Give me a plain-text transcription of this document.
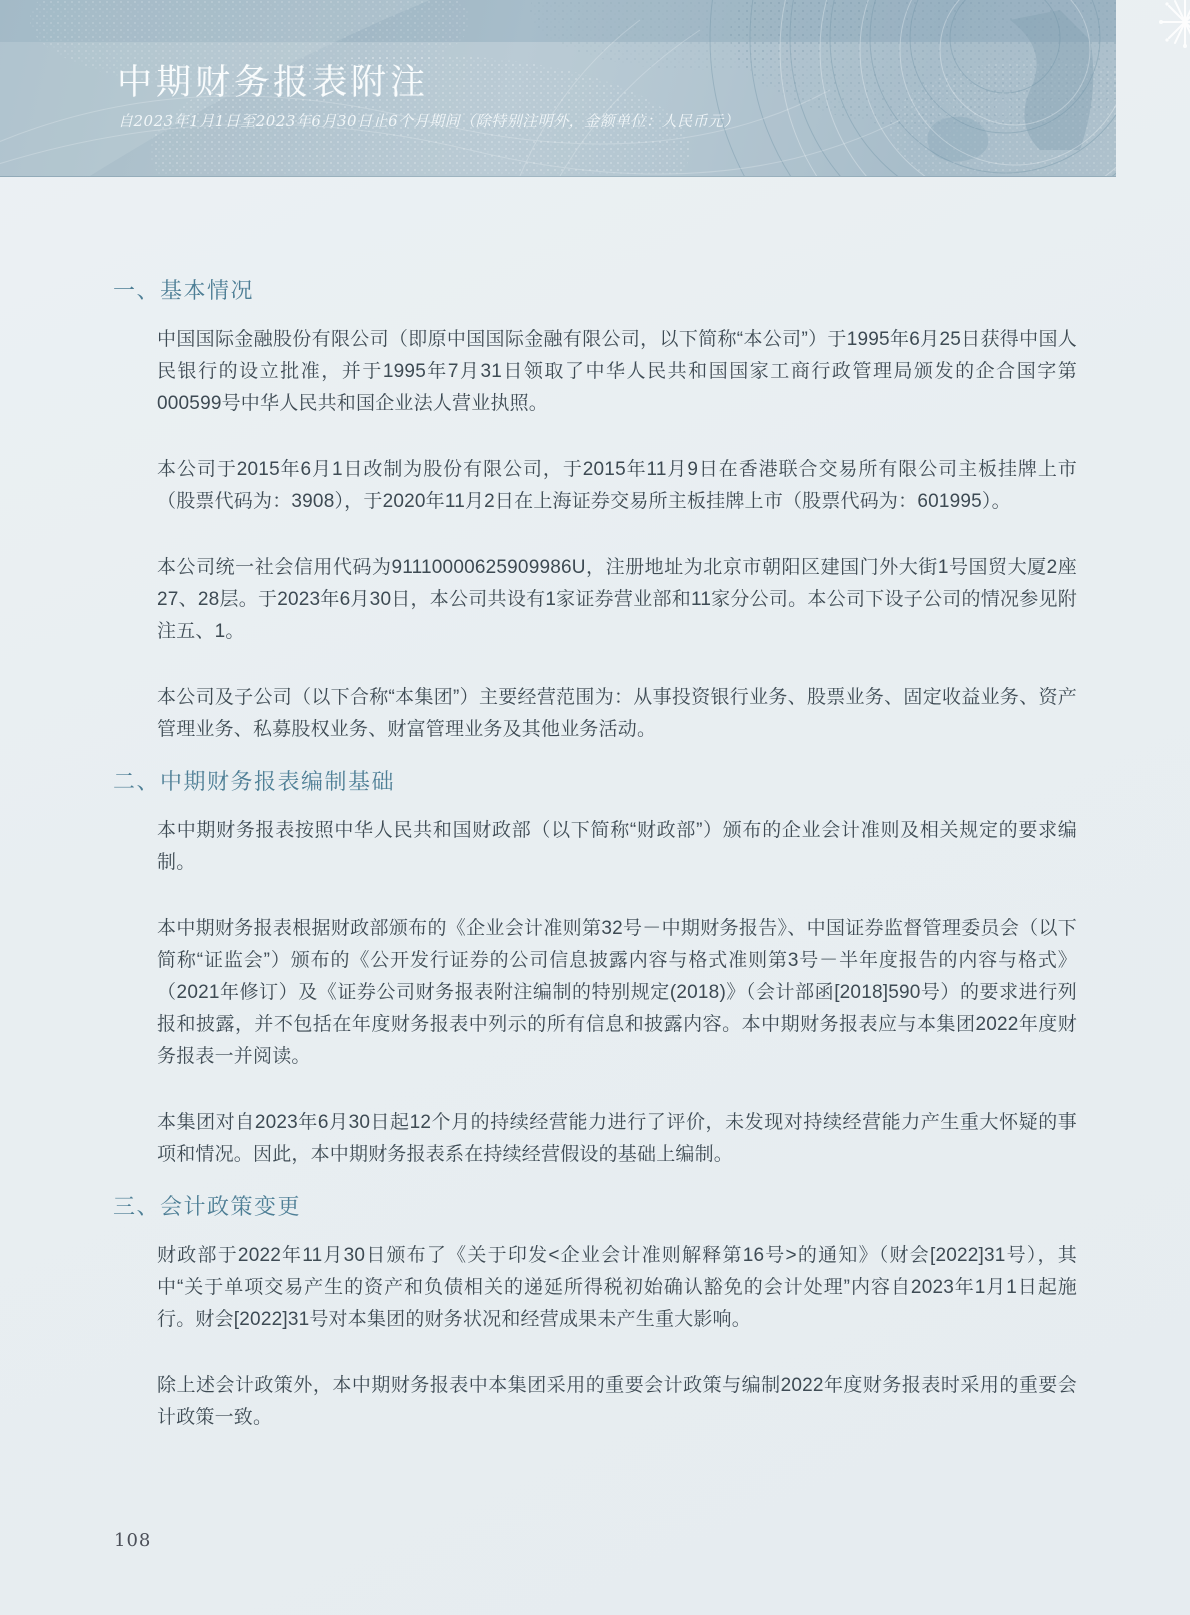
中期财务报表附注
自2023年1月1日至2023年6月30日止6个月期间（除特别注明外，金额单位：人民币元）
一、基本情况

中国国际金融股份有限公司（即原中国国际金融有限公司，以下简称“本公司”）于1995年6月25日获得中国人民银行的设立批准，并于1995年7月31日领取了中华人民共和国国家工商行政管理局颁发的企合国字第000599号中华人民共和国企业法人营业执照。

本公司于2015年6月1日改制为股份有限公司，于2015年11月9日在香港联合交易所有限公司主板挂牌上市（股票代码为：3908），于2020年11月2日在上海证券交易所主板挂牌上市（股票代码为：601995）。

本公司统一社会信用代码为91110000625909986U，注册地址为北京市朝阳区建国门外大街1号国贸大厦2座27、28层。于2023年6月30日，本公司共设有1家证券营业部和11家分公司。本公司下设子公司的情况参见附注五、1。

本公司及子公司（以下合称“本集团”）主要经营范围为：从事投资银行业务、股票业务、固定收益业务、资产管理业务、私募股权业务、财富管理业务及其他业务活动。

二、中期财务报表编制基础

本中期财务报表按照中华人民共和国财政部（以下简称“财政部”）颁布的企业会计准则及相关规定的要求编制。

本中期财务报表根据财政部颁布的《企业会计准则第32号－中期财务报告》、中国证券监督管理委员会（以下简称“证监会”）颁布的《公开发行证券的公司信息披露内容与格式准则第3号－半年度报告的内容与格式》（2021年修订）及《证券公司财务报表附注编制的特别规定(2018)》（会计部函[2018]590号）的要求进行列报和披露，并不包括在年度财务报表中列示的所有信息和披露内容。本中期财务报表应与本集团2022年度财务报表一并阅读。

本集团对自2023年6月30日起12个月的持续经营能力进行了评价，未发现对持续经营能力产生重大怀疑的事项和情况。因此，本中期财务报表系在持续经营假设的基础上编制。

三、会计政策变更

财政部于2022年11月30日颁布了《关于印发<企业会计准则解释第16号>的通知》（财会[2022]31号），其中“关于单项交易产生的资产和负债相关的递延所得税初始确认豁免的会计处理”内容自2023年1月1日起施行。财会[2022]31号对本集团的财务状况和经营成果未产生重大影响。

除上述会计政策外，本中期财务报表中本集团采用的重要会计政策与编制2022年度财务报表时采用的重要会计政策一致。

108
